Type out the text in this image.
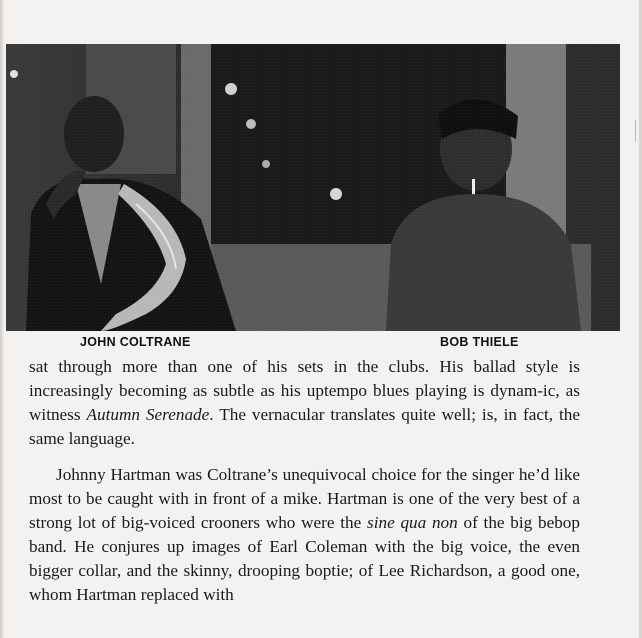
JOHN COLTRANE	BOB THIELE

sat through more than one of his sets in the clubs. His ballad style is increasingly becoming as subtle as his uptempo blues playing is dynam-ic, as witness Autumn Serenade. The vernacular translates quite well; is, in fact, the same language.

Johnny Hartman was Coltrane’s unequivocal choice for the singer he’d like most to be caught with in front of a mike. Hartman is one of the very best of a strong lot of big-voiced crooners who were the sine qua non of the big bebop band. He conjures up images of Earl Coleman with the big voice, the even bigger collar, and the skinny, drooping boptie; of Lee Richardson, a good one, whom Hartman replaced with
